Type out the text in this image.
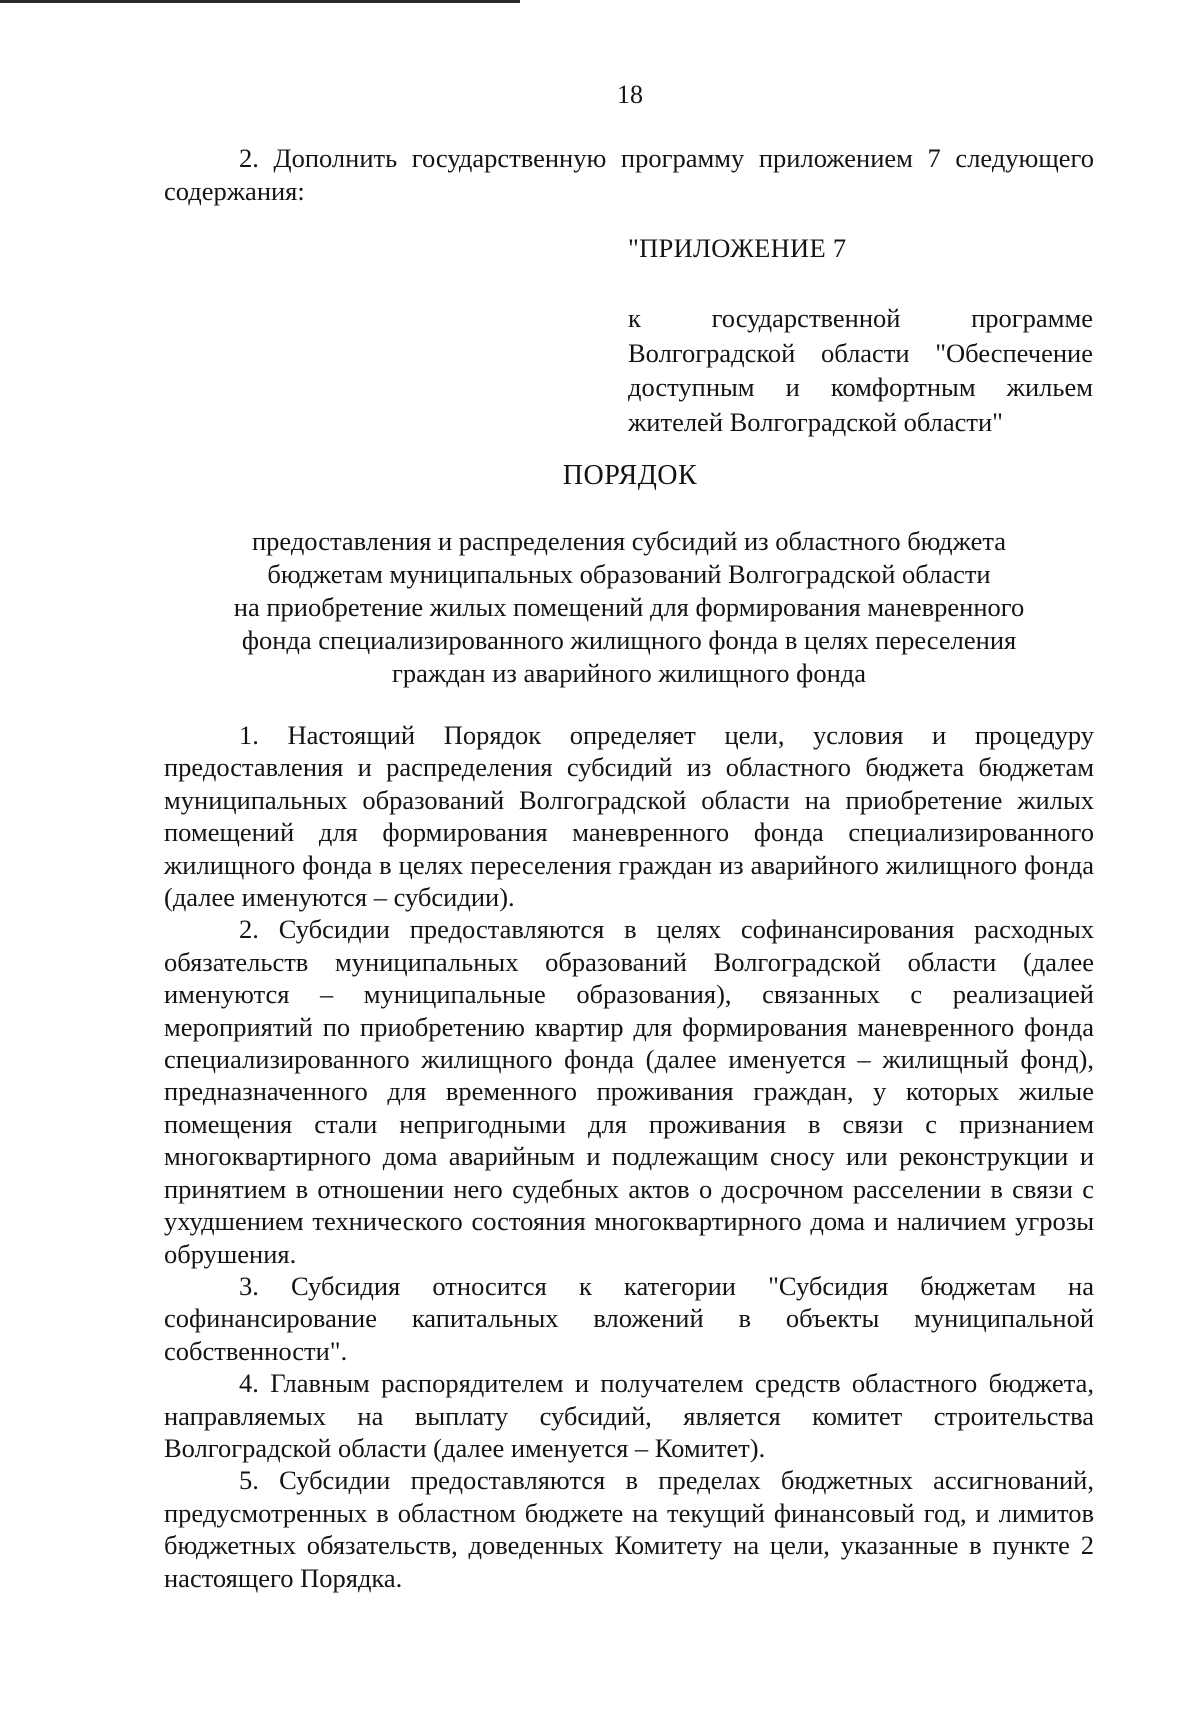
18

2. Дополнить государственную программу приложением 7 следующего содержания:

"ПРИЛОЖЕНИЕ 7
к государственной программе
Волгоградской области "Обеспечение
доступным и комфортным жильем
жителей Волгоградской области"
ПОРЯДОК
предоставления и распределения субсидий из областного бюджета
бюджетам муниципальных образований Волгоградской области
на приобретение жилых помещений для формирования маневренного
фонда специализированного жилищного фонда в целях переселения
граждан из аварийного жилищного фонда

1. Настоящий Порядок определяет цели, условия и процедуру предоставления и распределения субсидий из областного бюджета бюджетам муниципальных образований Волгоградской области на приобретение жилых помещений для формирования маневренного фонда специализированного жилищного фонда в целях переселения граждан из аварийного жилищного фонда (далее именуются – субсидии).

2. Субсидии предоставляются в целях софинансирования расходных обязательств муниципальных образований Волгоградской области (далее именуются – муниципальные образования), связанных с реализацией мероприятий по приобретению квартир для формирования маневренного фонда специализированного жилищного фонда (далее именуется – жилищный фонд), предназначенного для временного проживания граждан, у которых жилые помещения стали непригодными для проживания в связи с признанием многоквартирного дома аварийным и подлежащим сносу или реконструкции и принятием в отношении него судебных актов о досрочном расселении в связи с ухудшением технического состояния многоквартирного дома и наличием угрозы обрушения.

3. Субсидия относится к категории "Субсидия бюджетам на софинансирование капитальных вложений в объекты муниципальной собственности".

4. Главным распорядителем и получателем средств областного бюджета, направляемых на выплату субсидий, является комитет строительства Волгоградской области (далее именуется – Комитет).

5. Субсидии предоставляются в пределах бюджетных ассигнований, предусмотренных в областном бюджете на текущий финансовый год, и лимитов бюджетных обязательств, доведенных Комитету на цели, указанные в пункте 2 настоящего Порядка.
